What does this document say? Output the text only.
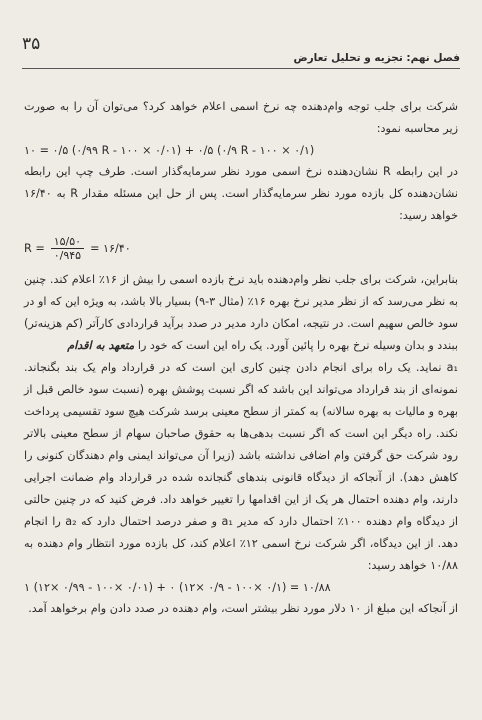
۳۵
فصل نهم: تجزیه و تحلیل تعارض

شرکت برای جلب توجه وام‌دهنده چه نرخ اسمی اعلام خواهد کرد؟ می‌توان آن را به صورت زیر محاسبه نمود:

۱۰ = ۰/۵ (۰/۹۹ R - ۱۰۰ × ۰/۰۱) + ۰/۵ (۰/۹ R - ۱۰۰ × ۰/۱)

در این رابطه R نشان‌دهنده نرخ اسمی مورد نظر سرمایه‌گذار است. طرف چپ این رابطه نشان‌دهنده کل بازده مورد نظر سرمایه‌گذار است. پس از حل این مسئله مقدار R به ۱۶/۴۰ خواهد رسید:

$R = \frac{۱۵/۵۰}{۰/۹۴۵}$ = ۱۶/۴۰

بنابراین، شرکت برای جلب نظر وام‌دهنده باید نرخ بازده اسمی را بیش از ۱۶٪ اعلام کند. چنین به نظر می‌رسد که از نظر مدیر نرخ بهره ۱۶٪ (مثال ۳-۹) بسیار بالا باشد، به ویژه این که او در سود خالص سهیم است. در نتیجه، امکان دارد مدیر در صدد برآید قراردادی کارآتر (کم هزینه‌تر) ببندد و بدان وسیله نرخ بهره را پائین آورد. یک راه این است که خود را متعهد به اقدام

a₁ نماید. یک راه برای انجام دادن چنین کاری این است که در قرارداد وام یک بند بگنجاند. نمونه‌ای از بند قرارداد می‌تواند این باشد که اگر نسبت پوشش بهره (نسبت سود خالص قبل از بهره و مالیات به بهره سالانه) به کمتر از سطح معینی برسد شرکت هیچ سود تقسیمی پرداخت نکند. راه دیگر این است که اگر نسبت بدهی‌ها به حقوق صاحبان سهام از سطح معینی بالاتر رود شرکت حق گرفتن وام اضافی نداشته باشد (زیرا آن می‌تواند ایمنی وام دهندگان کنونی را کاهش دهد). از آنجاکه از دیدگاه قانونی بندهای گنجانده شده در قرارداد وام ضمانت اجرایی دارند، وام دهنده احتمال هر یک از این اقدامها را تغییر خواهد داد. فرض کنید که در چنین حالتی از دیدگاه وام دهنده ۱۰۰٪ احتمال دارد که مدیر a₁ و صفر درصد احتمال دارد که a₂ را انجام دهد. از این دیدگاه، اگر شرکت نرخ اسمی ۱۲٪ اعلام کند، کل بازده مورد انتظار وام دهنده به ۱۰/۸۸ خواهد رسید:

۱ (۱۲× ۰/۹۹ - ۱۰۰× ۰/۰۱) + ۰ (۱۲× ۰/۹ - ۱۰۰× ۰/۱) = ۱۰/۸۸

از آنجاکه این مبلغ از ۱۰ دلار مورد نظر بیشتر است، وام دهنده در صدد دادن وام برخواهد آمد.
